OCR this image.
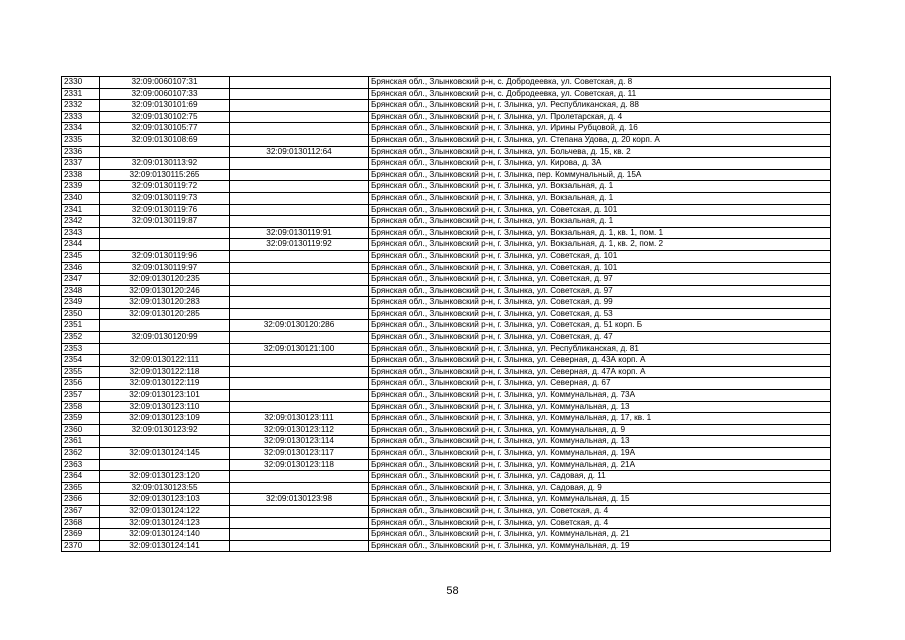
2330	32:09:0060107:31		Брянская обл., Злынковский р-н, с. Добродеевка, ул. Советская, д. 8
2331	32:09:0060107:33		Брянская обл., Злынковский р-н, с. Добродеевка, ул. Советская, д. 11
2332	32:09:0130101:69		Брянская обл., Злынковский р-н, г. Злынка, ул. Республиканская, д. 88
2333	32:09:0130102:75		Брянская обл., Злынковский р-н, г. Злынка, ул. Пролетарская, д. 4
2334	32:09:0130105:77		Брянская обл., Злынковский р-н, г. Злынка, ул. Ирины Рубцовой, д. 16
2335	32:09:0130108:69		Брянская обл., Злынковский р-н, г. Злынка, ул. Степана Удова, д. 20 корп. А
2336		32:09:0130112:64	Брянская обл., Злынковский р-н, г. Злынка, ул. Больчева, д. 15, кв. 2
2337	32:09:0130113:92		Брянская обл., Злынковский р-н, г. Злынка, ул. Кирова, д. 3А
2338	32:09:0130115:265		Брянская обл., Злынковский р-н, г. Злынка, пер. Коммунальный, д. 15А
2339	32:09:0130119:72		Брянская обл., Злынковский р-н, г. Злынка, ул. Вокзальная, д. 1
2340	32:09:0130119:73		Брянская обл., Злынковский р-н, г. Злынка, ул. Вокзальная, д. 1
2341	32:09:0130119:76		Брянская обл., Злынковский р-н, г. Злынка, ул. Советская, д. 101
2342	32:09:0130119:87		Брянская обл., Злынковский р-н, г. Злынка, ул. Вокзальная, д. 1
2343		32:09:0130119:91	Брянская обл., Злынковский р-н, г. Злынка, ул. Вокзальная, д. 1, кв. 1, пом. 1
2344		32:09:0130119:92	Брянская обл., Злынковский р-н, г. Злынка, ул. Вокзальная, д. 1, кв. 2, пом. 2
2345	32:09:0130119:96		Брянская обл., Злынковский р-н, г. Злынка, ул. Советская, д. 101
2346	32:09:0130119:97		Брянская обл., Злынковский р-н, г. Злынка, ул. Советская, д. 101
2347	32:09:0130120:235		Брянская обл., Злынковский р-н, г. Злынка, ул. Советская, д. 97
2348	32:09:0130120:246		Брянская обл., Злынковский р-н, г. Злынка, ул. Советская, д. 97
2349	32:09:0130120:283		Брянская обл., Злынковский р-н, г. Злынка, ул. Советская, д. 99
2350	32:09:0130120:285		Брянская обл., Злынковский р-н, г. Злынка, ул. Советская, д. 53
2351		32:09:0130120:286	Брянская обл., Злынковский р-н, г. Злынка, ул. Советская, д. 51 корп. Б
2352	32:09:0130120:99		Брянская обл., Злынковский р-н, г. Злынка, ул. Советская, д. 47
2353		32:09:0130121:100	Брянская обл., Злынковский р-н, г. Злынка, ул. Республиканская, д. 81
2354	32:09:0130122:111		Брянская обл., Злынковский р-н, г. Злынка, ул. Северная, д. 43А корп. А
2355	32:09:0130122:118		Брянская обл., Злынковский р-н, г. Злынка, ул. Северная, д. 47А корп. А
2356	32:09:0130122:119		Брянская обл., Злынковский р-н, г. Злынка, ул. Северная, д. 67
2357	32:09:0130123:101		Брянская обл., Злынковский р-н, г. Злынка, ул. Коммунальная, д. 73А
2358	32:09:0130123:110		Брянская обл., Злынковский р-н, г. Злынка, ул. Коммунальная, д. 13
2359	32:09:0130123:109	32:09:0130123:111	Брянская обл., Злынковский р-н, г. Злынка, ул. Коммунальная, д. 17, кв. 1
2360	32:09:0130123:92	32:09:0130123:112	Брянская обл., Злынковский р-н, г. Злынка, ул. Коммунальная, д. 9
2361		32:09:0130123:114	Брянская обл., Злынковский р-н, г. Злынка, ул. Коммунальная, д. 13
2362	32:09:0130124:145	32:09:0130123:117	Брянская обл., Злынковский р-н, г. Злынка, ул. Коммунальная, д. 19А
2363		32:09:0130123:118	Брянская обл., Злынковский р-н, г. Злынка, ул. Коммунальная, д. 21А
2364	32:09:0130123:120		Брянская обл., Злынковский р-н, г. Злынка, ул. Садовая, д. 11
2365	32:09:0130123:55		Брянская обл., Злынковский р-н, г. Злынка, ул. Садовая, д. 9
2366	32:09:0130123:103	32:09:0130123:98	Брянская обл., Злынковский р-н, г. Злынка, ул. Коммунальная, д. 15
2367	32:09:0130124:122		Брянская обл., Злынковский р-н, г. Злынка, ул. Советская, д. 4
2368	32:09:0130124:123		Брянская обл., Злынковский р-н, г. Злынка, ул. Советская, д. 4
2369	32:09:0130124:140		Брянская обл., Злынковский р-н, г. Злынка, ул. Коммунальная, д. 21
2370	32:09:0130124:141		Брянская обл., Злынковский р-н, г. Злынка, ул. Коммунальная, д. 19
58
